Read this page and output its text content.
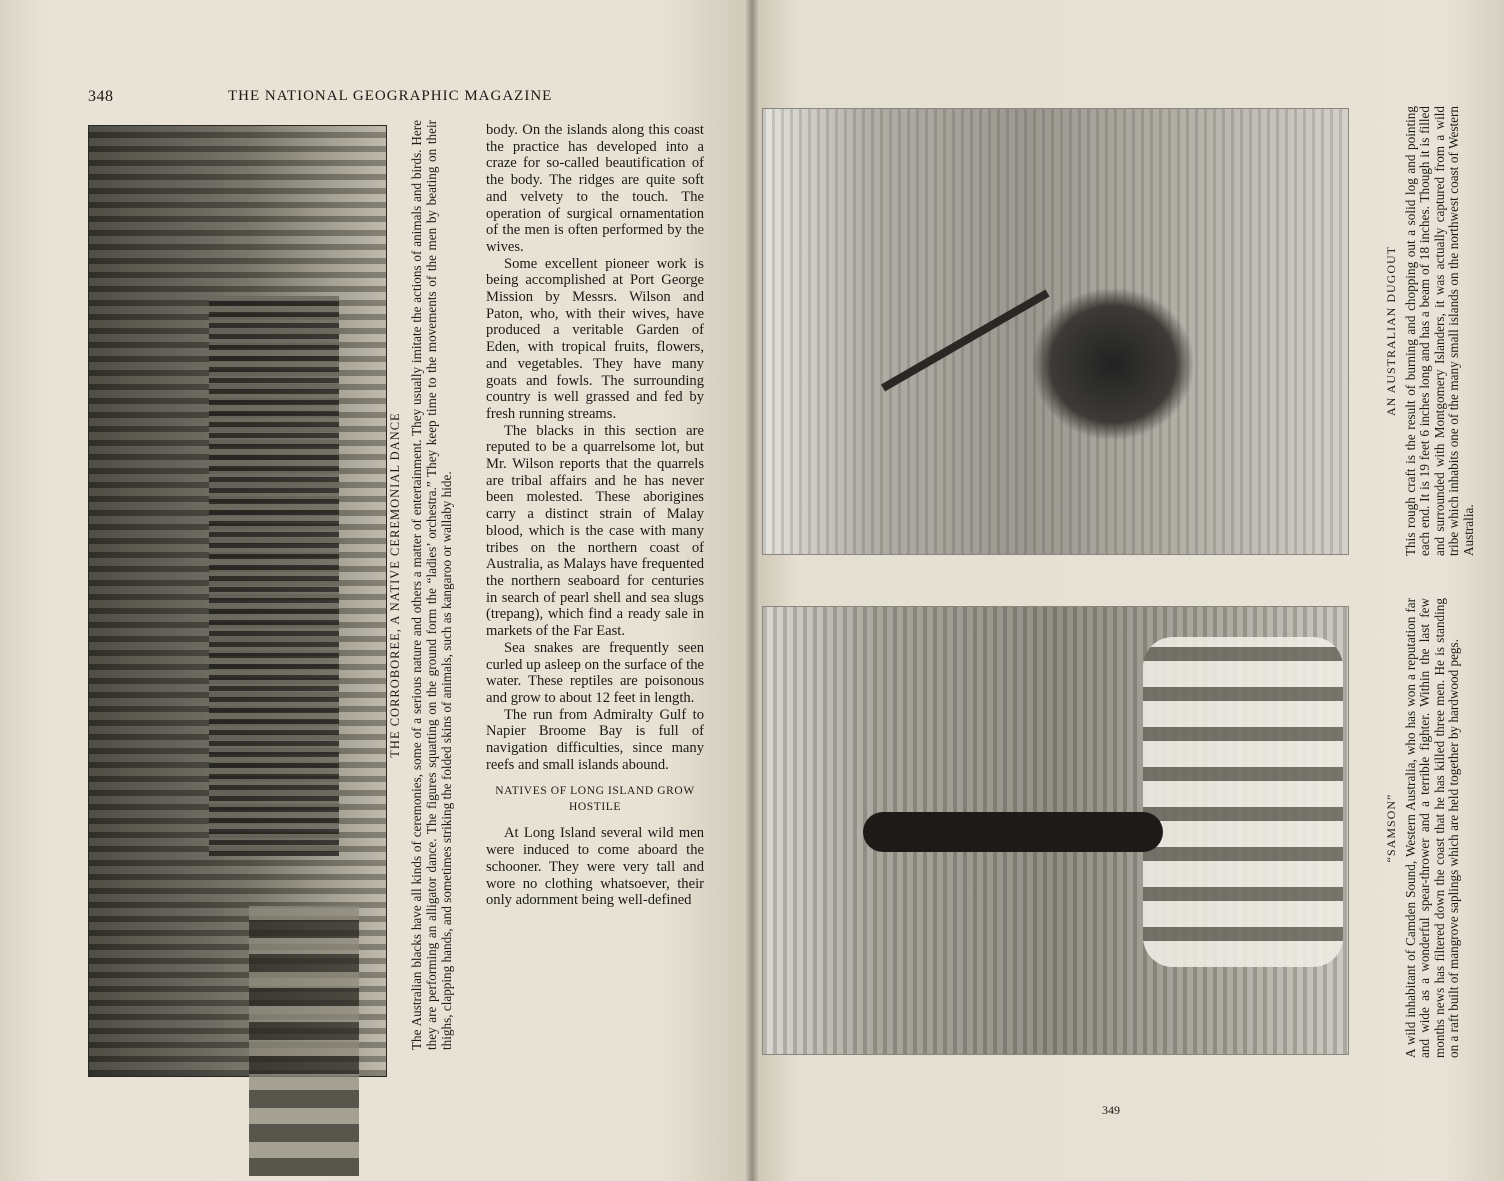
348	THE NATIONAL GEOGRAPHIC MAGAZINE
THE CORROBOREE, A NATIVE CEREMONIAL DANCE The Australian blacks have all kinds of ceremonies, some of a serious nature and others a matter of entertainment. They usually imitate the actions of animals and birds. Here they are performing an alligator dance. The figures squatting on the ground form the “ladies’ orchestra.” They keep time to the movements of the men by beating on their thighs, clapping hands, and sometimes striking the folded skins of animals, such as kangaroo or wallaby hide.

body. On the islands along this coast the practice has developed into a craze for so-called beautification of the body. The ridges are quite soft and velvety to the touch. The operation of surgical ornamentation of the men is often performed by the wives.

Some excellent pioneer work is being accomplished at Port George Mission by Messrs. Wilson and Paton, who, with their wives, have produced a veritable Garden of Eden, with tropical fruits, flowers, and vegetables. They have many goats and fowls. The surrounding country is well grassed and fed by fresh running streams.

The blacks in this section are reputed to be a quarrelsome lot, but Mr. Wilson reports that the quarrels are tribal affairs and he has never been molested. These aborigines carry a distinct strain of Malay blood, which is the case with many tribes on the northern coast of Australia, as Malays have frequented the northern seaboard for centuries in search of pearl shell and sea slugs (trepang), which find a ready sale in markets of the Far East.

Sea snakes are frequently seen curled up asleep on the surface of the water. These reptiles are poisonous and grow to about 12 feet in length.

The run from Admiralty Gulf to Napier Broome Bay is full of navigation difficulties, since many reefs and small islands abound.

NATIVES OF LONG ISLAND GROW HOSTILE

At Long Island several wild men were induced to come aboard the schooner. They were very tall and wore no clothing whatsoever, their only adornment being well-defined

349
AN AUSTRALIAN DUGOUT This rough craft is the result of burning and chopping out a solid log and pointing each end. It is 19 feet 6 inches long and has a beam of 18 inches. Though it is filled and surrounded with Montgomery Islanders, it was actually captured from a wild tribe which inhabits one of the many small islands on the northwest coast of Western Australia.

“SAMSON” A wild inhabitant of Camden Sound, Western Australia, who has won a reputation far and wide as a wonderful spear-thrower and a terrible fighter. Within the last few months news has filtered down the coast that he has killed three men. He is standing on a raft built of mangrove saplings which are held together by hardwood pegs.
